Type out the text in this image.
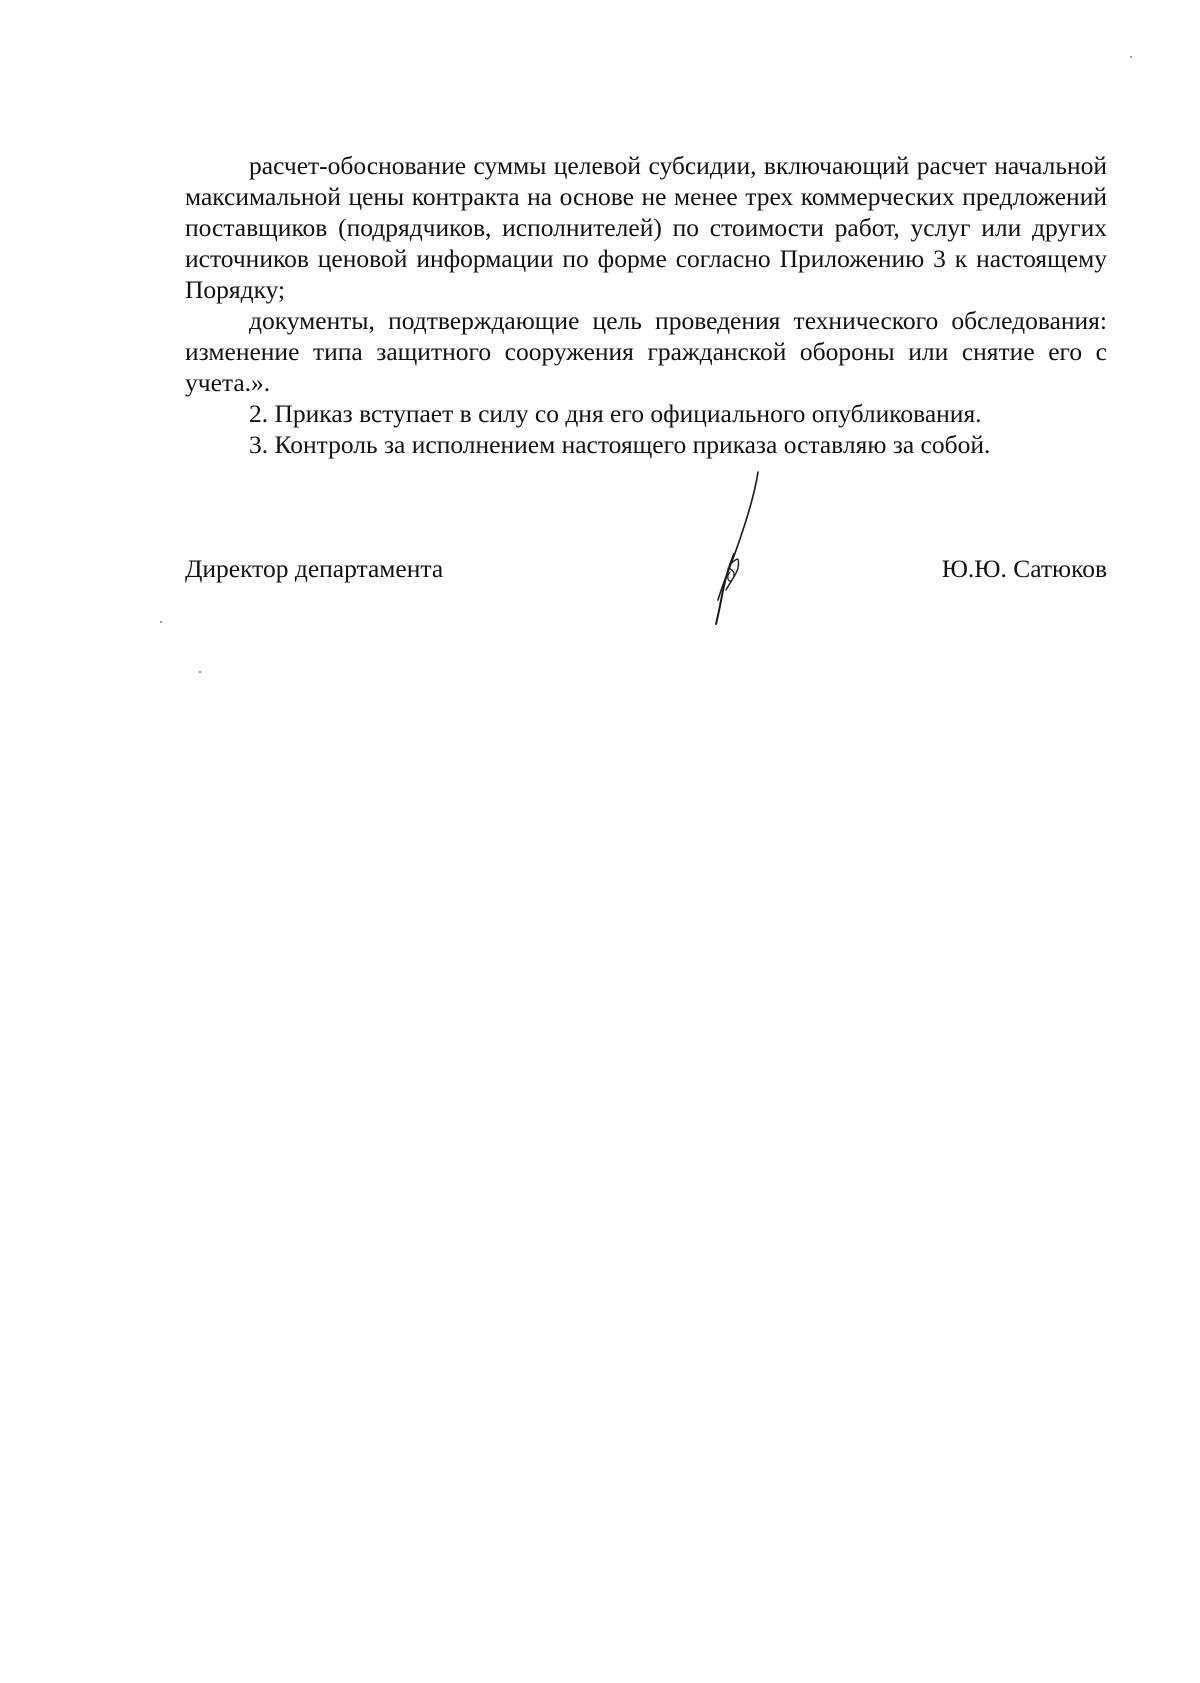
расчет-обоснование суммы целевой субсидии, включающий расчет начальной максимальной цены контракта на основе не менее трех коммерческих предложений поставщиков (подрядчиков, исполнителей) по стоимости работ, услуг или других источников ценовой информации по форме согласно Приложению 3 к настоящему Порядку;

документы, подтверждающие цель проведения технического обследования: изменение типа защитного сооружения гражданской обороны или снятие его с учета.».

2. Приказ вступает в силу со дня его официального опубликования.

3. Контроль за исполнением настоящего приказа оставляю за собой.

Директор департамента	Ю.Ю. Сатюков
